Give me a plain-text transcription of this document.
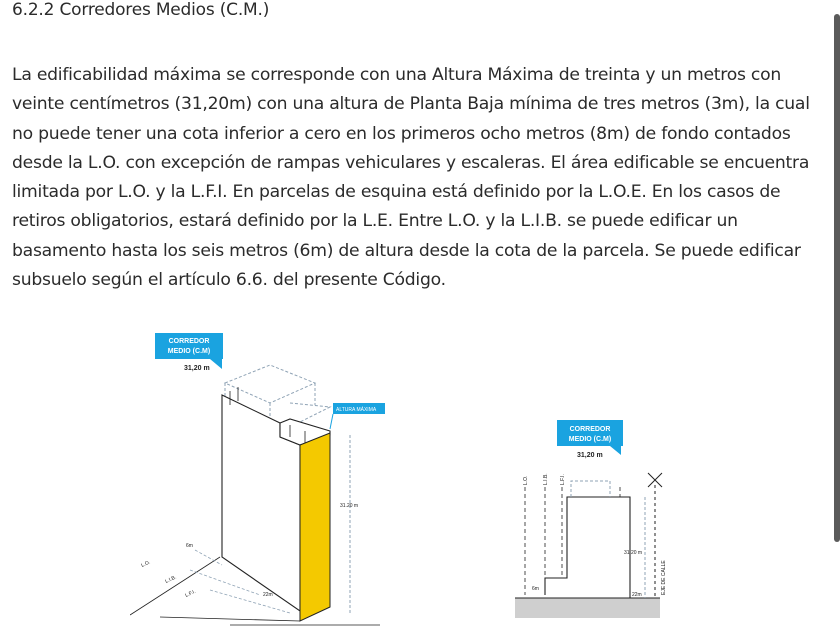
6.2.2 Corredores Medios (C.M.)

La edificabilidad máxima se corresponde con una Altura Máxima de treinta y un metros con veinte centímetros (31,20m) con una altura de Planta Baja mínima de tres metros (3m), la cual no puede tener una cota inferior a cero en los primeros ocho metros (8m) de fondo contados desde la L.O. con excepción de rampas vehiculares y escaleras. El área edificable se encuentra limitada por L.O. y la L.F.I. En parcelas de esquina está definido por la L.O.E. En los casos de retiros obligatorios, estará definido por la L.E. Entre L.O. y la L.I.B. se puede edificar un basamento hasta los seis metros (6m) de altura desde la cota de la parcela. Se puede edificar subsuelo según el artículo 6.6. del presente Código.

CORREDOR
MEDIO (C.M)
31,20 m
ALTURA MÁXIMA
31.20 m
6m
22m
L.O.
L.I.B.
L.F.I.
CORREDOR
MEDIO (C.M)
31,20 m
L.O.	L.I.B. L.F.I.
31.20 m
6m
22m	EJE DE CALLE
